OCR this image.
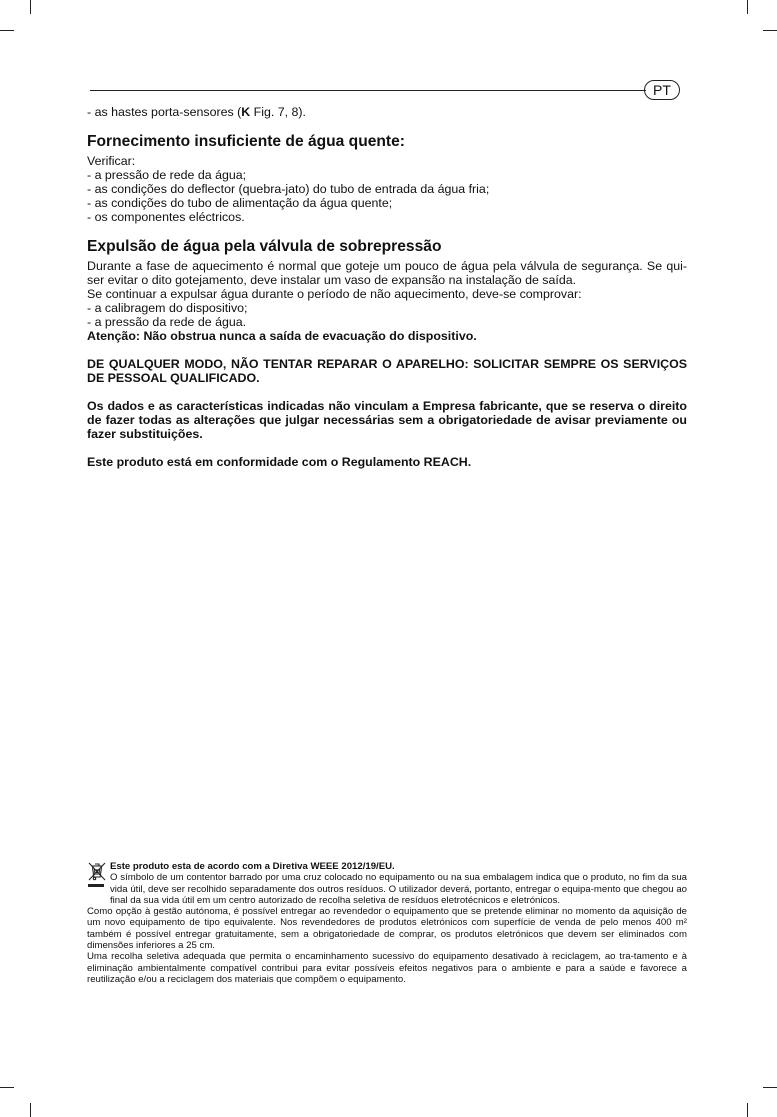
PT

- as hastes porta-sensores (K Fig. 7, 8).

Fornecimento insuficiente de água quente:

Verificar:

- a pressão de rede da água;

- as condições do deflector (quebra-jato) do tubo de entrada da água fria;

- as condições do tubo de alimentação da água quente;

- os componentes eléctricos.

Expulsão de água pela válvula de sobrepressão

Durante a fase de aquecimento é normal que goteje um pouco de água pela válvula de segurança. Se qui-ser evitar o dito gotejamento, deve instalar um vaso de expansão na instalação de saída.

Se continuar a expulsar água durante o período de não aquecimento, deve-se comprovar:

- a calibragem do dispositivo;

- a pressão da rede de água.

Atenção: Não obstrua nunca a saída de evacuação do dispositivo.

DE QUALQUER MODO, NÃO TENTAR REPARAR O APARELHO: SOLICITAR SEMPRE OS SERVIÇOS DE PESSOAL QUALIFICADO.

Os dados e as características indicadas não vinculam a Empresa fabricante, que se reserva o direito de fazer todas as alterações que julgar necessárias sem a obrigatoriedade de avisar previamente ou fazer substituições.

Este produto está em conformidade com o Regulamento REACH.

Este produto esta de acordo com a Diretiva WEEE 2012/19/EU.

O símbolo de um contentor barrado por uma cruz colocado no equipamento ou na sua embalagem indica que o produto, no fim da sua vida útil, deve ser recolhido separadamente dos outros resíduos. O utilizador deverá, portanto, entregar o equipa-mento que chegou ao final da sua vida útil em um centro autorizado de recolha seletiva de resíduos eletrotécnicos e eletrónicos.

Como opção à gestão autónoma, é possível entregar ao revendedor o equipamento que se pretende eliminar no momento da aquisição de um novo equipamento de tipo equivalente. Nos revendedores de produtos eletrónicos com superfície de venda de pelo menos 400 m² também é possível entregar gratuitamente, sem a obrigatoriedade de comprar, os produtos eletrónicos que devem ser eliminados com dimensões inferiores a 25 cm.

Uma recolha seletiva adequada que permita o encaminhamento sucessivo do equipamento desativado à reciclagem, ao tra-tamento e à eliminação ambientalmente compatível contribui para evitar possíveis efeitos negativos para o ambiente e para a saúde e favorece a reutilização e/ou a reciclagem dos materiais que compõem o equipamento.
